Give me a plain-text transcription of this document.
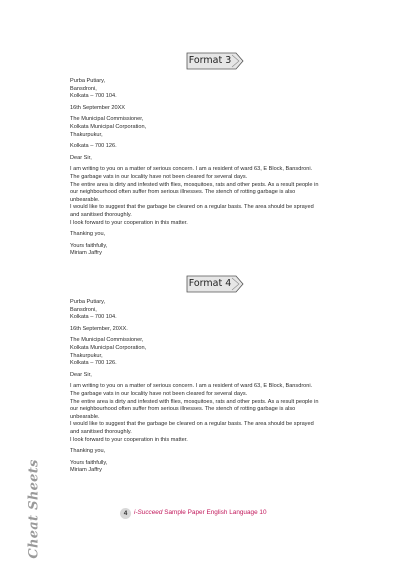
Format 3
Purba Putiary,
Bansdroni,
Kolkata – 700 104.
16th September 20XX
The Municipal Commissioner,
Kolkata Municipal Corporation,
Thakurpukur,
Kolkata – 700 126.
Dear Sir,
I am writing to you on a matter of serious concern. I am a resident of ward 63, E Block, Bansdroni.
The garbage vats in our locality have not been cleared for several days.
The entire area is dirty and infested with flies, mosquitoes, rats and other pests. As a result people in
our neighbourhood often suffer from serious illnesses. The stench of rotting garbage is also
unbearable.
I would like to suggest that the garbage be cleared on a regular basis. The area should be sprayed
and sanitised thoroughly.
I look forward to your cooperation in this matter.
Thanking you,
Yours faithfully,
Miriam Jaffry
Format 4
Purba Putiary,
Bansdroni,
Kolkata – 700 104.
16th September, 20XX.
The Municipal Commissioner,
Kolkata Municipal Corporation,
Thakurpukur,
Kolkata – 700 126.
Dear Sir,
I am writing to you on a matter of serious concern. I am a resident of ward 63, E Block, Bansdroni.
The garbage vats in our locality have not been cleared for several days.
The entire area is dirty and infested with flies, mosquitoes, rats and other pests. As a result people in
our neighbourhood often suffer from serious illnesses. The stench of rotting garbage is also
unbearable.
I would like to suggest that the garbage be cleared on a regular basis. The area should be sprayed
and sanitised thoroughly.
I look forward to your cooperation in this matter.
Thanking you,
Yours faithfully,
Miriam Jaffry
Cheat Sheets	4 i-Succeed Sample Paper English Language 10
